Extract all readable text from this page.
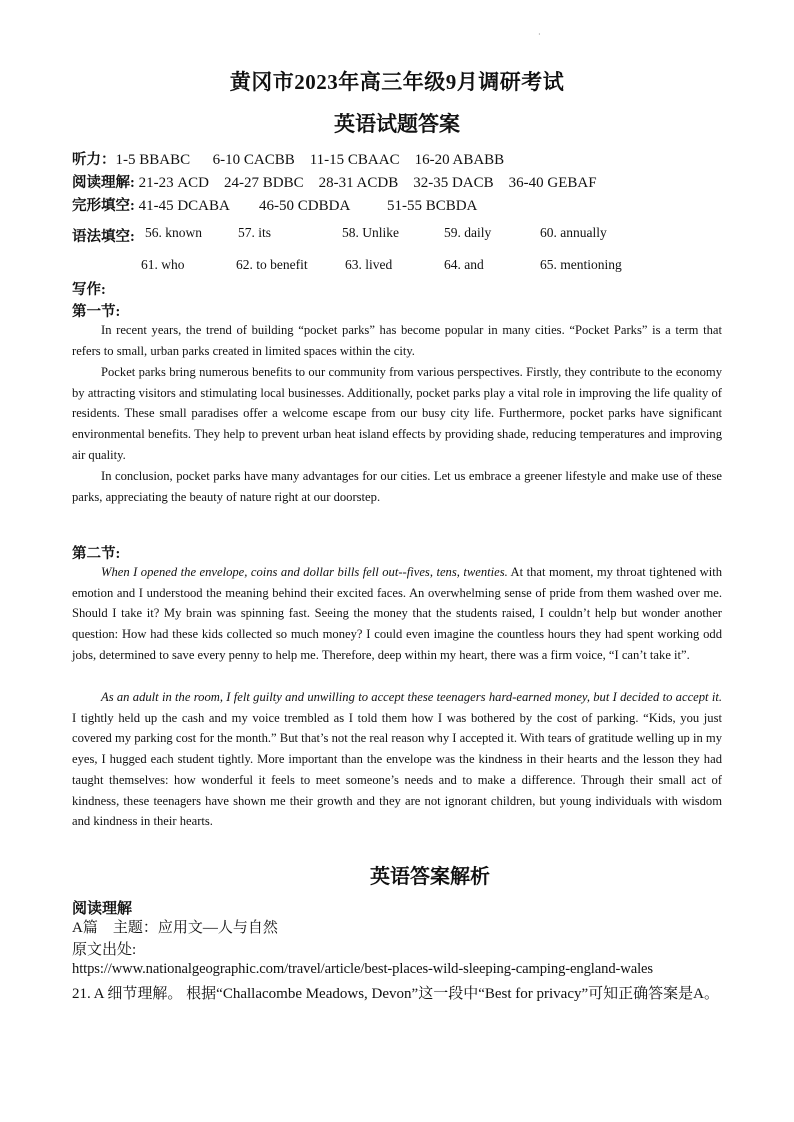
·
黄冈市2023年高三年级9月调研考试
英语试题答案
听力：1-5 BBABC 6-10 CACBB 11-15 CBAAC 16-20 ABABB
阅读理解: 21-23 ACD 24-27 BDBC 28-31 ACDB 32-35 DACB 36-40 GEBAF
完形填空: 41-45 DCABA 46-50 CDBDA	51-55 BCBDA
语法填空: 56. known	57. its	58. Unlike	59. daily	60. annually
61. who	62. to benefit	63. lived	64. and	65. mentioning
写作:
第一节:

In recent years, the trend of building “pocket parks” has become popular in many cities. “Pocket Parks” is a term that refers to small, urban parks created in limited spaces within the city.

Pocket parks bring numerous benefits to our community from various perspectives. Firstly, they contribute to the economy by attracting visitors and stimulating local businesses. Additionally, pocket parks play a vital role in improving the life quality of residents. These small paradises offer a welcome escape from our busy city life. Furthermore, pocket parks have significant environmental benefits. They help to prevent urban heat island effects by providing shade, reducing temperatures and improving air quality.

In conclusion, pocket parks have many advantages for our cities. Let us embrace a greener lifestyle and make use of these parks, appreciating the beauty of nature right at our doorstep.

第二节:

When I opened the envelope, coins and dollar bills fell out--fives, tens, twenties. At that moment, my throat tightened with emotion and I understood the meaning behind their excited faces. An overwhelming sense of pride from them washed over me. Should I take it? My brain was spinning fast. Seeing the money that the students raised, I couldn’t help but wonder another question: How had these kids collected so much money? I could even imagine the countless hours they had spent working odd jobs, determined to save every penny to help me. Therefore, deep within my heart, there was a firm voice, “I can’t take it”.

As an adult in the room, I felt guilty and unwilling to accept these teenagers hard-earned money, but I decided to accept it. I tightly held up the cash and my voice trembled as I told them how I was bothered by the cost of parking. “Kids, you just covered my parking cost for the month.” But that’s not the real reason why I accepted it. With tears of gratitude welling up in my eyes, I hugged each student tightly. More important than the envelope was the kindness in their hearts and the lesson they had taught themselves: how wonderful it feels to meet someone’s needs and to make a difference. Through their small act of kindness, these teenagers have shown me their growth and they are not ignorant children, but young individuals with wisdom and kindness in their hearts.

英语答案解析
阅读理解
A篇　主题：应用文—人与自然
原文出处:
https://www.nationalgeographic.com/travel/article/best-places-wild-sleeping-camping-england-wales
21. A 细节理解。 根据“Challacombe Meadows, Devon”这一段中“Best for privacy”可知正确答案是A。
